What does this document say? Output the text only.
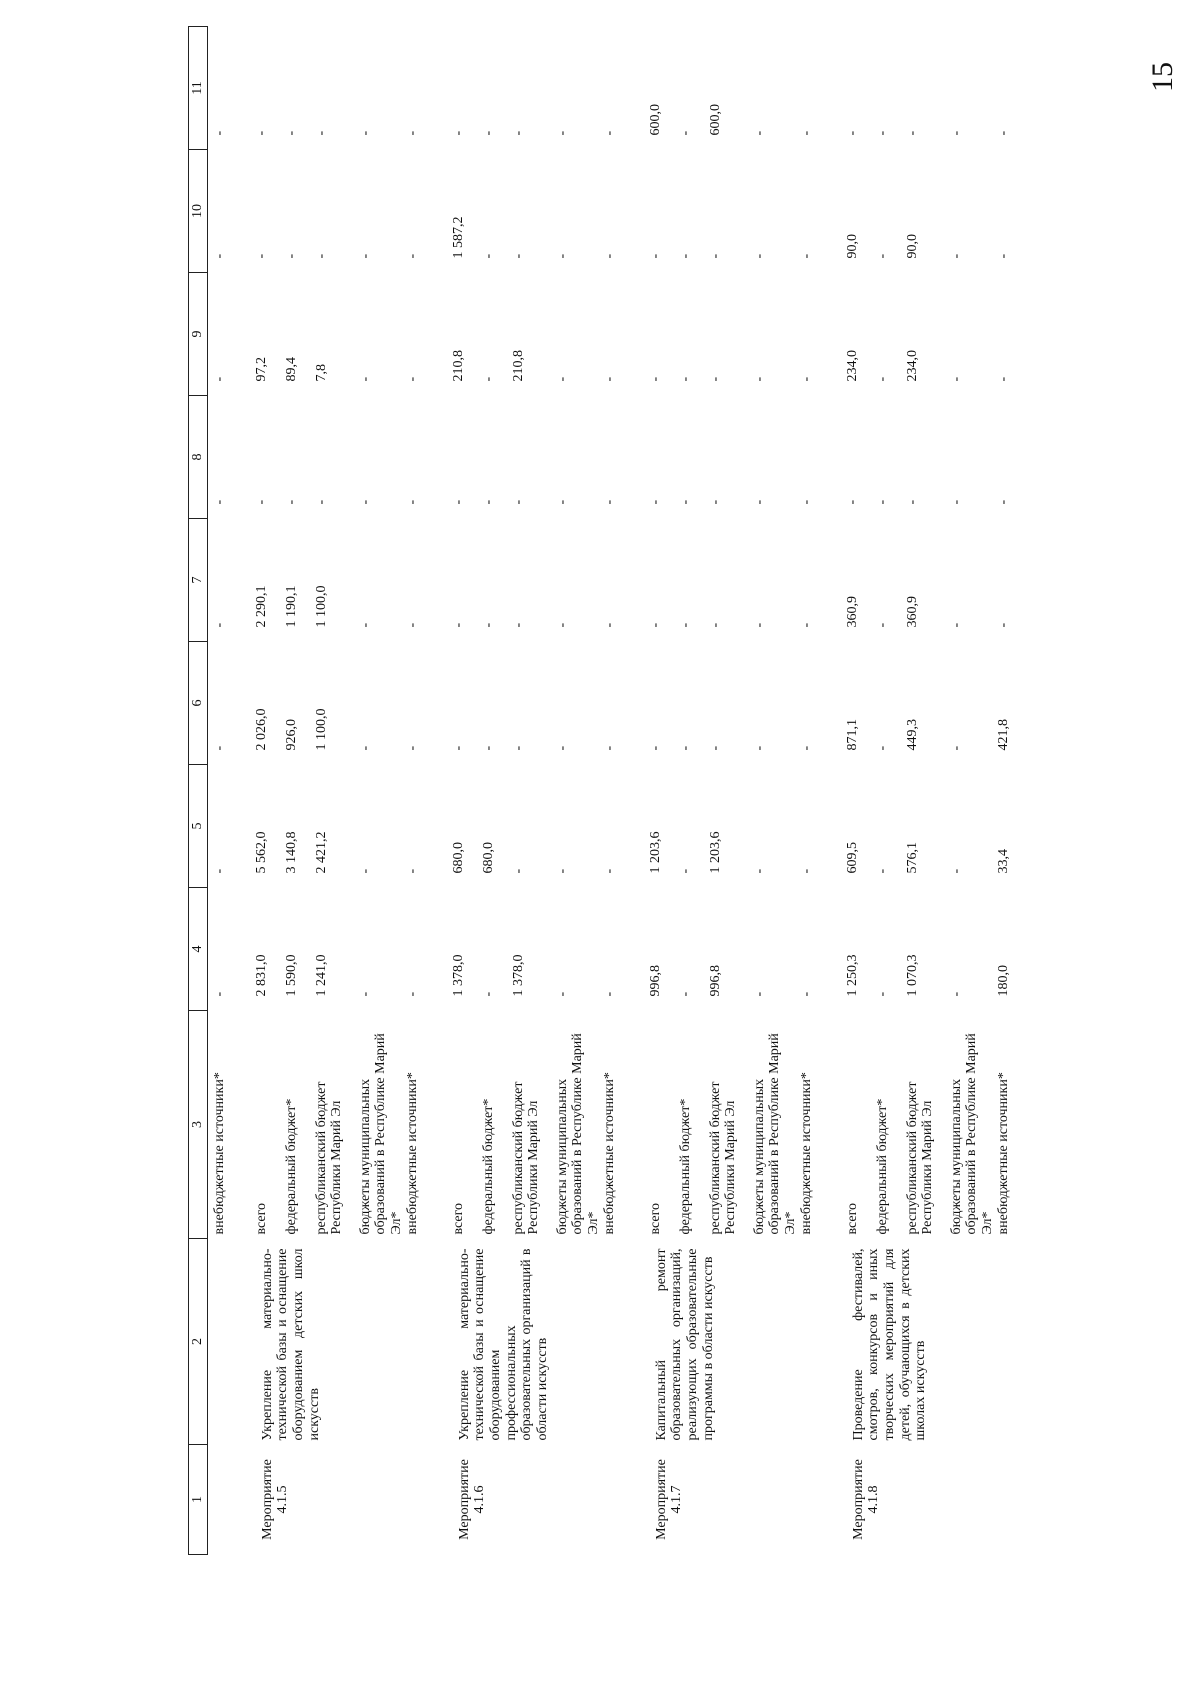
15
1	2	3	4	5	6	7	8	9	10	11
		внебюджетные источники*	-	-	-	-	-	-	-	-

Мероприятие 4.1.5	Укрепление материально-технической базы и оснащение оборудованием детских школ искусств	всего	2 831,0	5 562,0	2 026,0	2 290,1	-	97,2	-	-
		федеральный бюджет*	1 590,0	3 140,8	926,0	1 190,1	-	89,4	-	-
		республиканский бюджет Республики Марий Эл	1 241,0	2 421,2	1 100,0	1 100,0	-	7,8	-	-
		бюджеты муниципальных образований в Республике Марий Эл*	-	-	-	-	-	-	-	-
		внебюджетные источники*	-	-	-	-	-	-	-	-

Мероприятие 4.1.6	Укрепление материально-технической базы и оснащение оборудованием профессиональных образовательных организаций в области искусств	всего	1 378,0	680,0	-	-	-	210,8	1 587,2	-
		федеральный бюджет*	-	680,0	-	-	-	-	-	-
		республиканский бюджет Республики Марий Эл	1 378,0	-	-	-	-	210,8	-	-
		бюджеты муниципальных образований в Республике Марий Эл*	-	-	-	-	-	-	-	-
		внебюджетные источники*	-	-	-	-	-	-	-	-

Мероприятие 4.1.7	Капитальный ремонт образовательных организаций, реализующих образовательные программы в области искусств	всего	996,8	1 203,6	-	-	-	-	-	600,0
		федеральный бюджет*	-	-	-	-	-	-	-	-
		республиканский бюджет Республики Марий Эл	996,8	1 203,6	-	-	-	-	-	600,0
		бюджеты муниципальных образований в Республике Марий Эл*	-	-	-	-	-	-	-	-
		внебюджетные источники*	-	-	-	-	-	-	-	-

Мероприятие 4.1.8	Проведение фестивалей, смотров, конкурсов и иных творческих мероприятий для детей, обучающихся в детских школах искусств	всего	1 250,3	609,5	871,1	360,9	-	234,0	90,0	-
		федеральный бюджет*	-	-	-	-	-	-	-	-
		республиканский бюджет Республики Марий Эл	1 070,3	576,1	449,3	360,9	-	234,0	90,0	-
		бюджеты муниципальных образований в Республике Марий Эл*	-	-	-	-	-	-	-	-
		внебюджетные источники*	180,0	33,4	421,8	-	-	-	-	-
